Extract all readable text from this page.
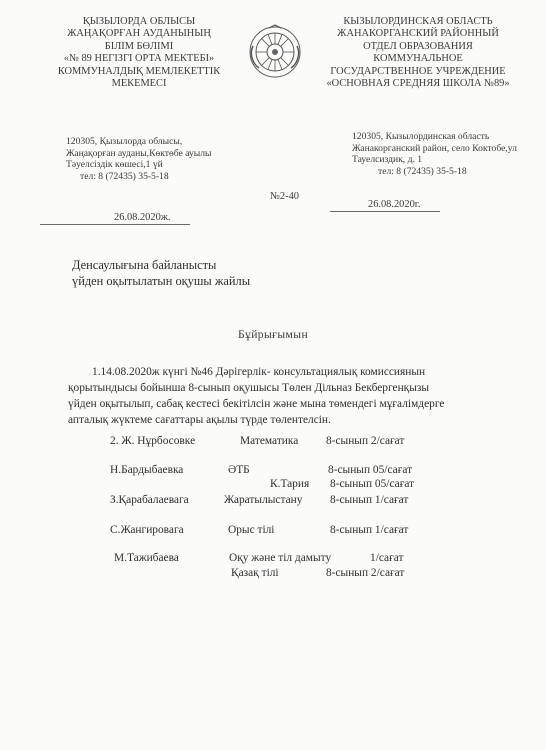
ҚЫЗЫЛОРДА ОБЛЫСЫ
ЖАҢАҚОРҒАН АУДАНЫНЫҢ
БІЛІМ БӨЛІМІ
«№ 89 НЕГІЗГІ ОРТА МЕКТЕБІ»
КОММУНАЛДЫҚ МЕМЛЕКЕТТІК
МЕКЕМЕСІ
КЫЗЫЛОРДИНСКАЯ ОБЛАСТЬ
ЖАНАКОРГАНСКИЙ РАЙОННЫЙ
ОТДЕЛ ОБРАЗОВАНИЯ
КОММУНАЛЬНОЕ
ГОСУДАРСТВЕННОЕ УЧРЕЖДЕНИЕ
«ОСНОВНАЯ СРЕДНЯЯ ШКОЛА №89»
120305, Қызылорда облысы,
Жаңақорған ауданы,Көктөбе ауылы
Тәуелсіздік көшесі,1 үй
тел: 8 (72435) 35-5-18
120305, Кызылординская область
Жанакорганский район, село Коктобе,ул
Тауелсиздик, д. 1
тел: 8 (72435) 35-5-18
26.08.2020ж.
№2-40
26.08.2020г.
Денсаулығына байланысты
үйден оқытылатын оқушы жайлы
Бұйрығымын
1.14.08.2020ж күнгі №46 Дәрігерлік- консультациялық комиссиянын
қорытындысы бойынша 8-сынып оқушысы Төлен Дільназ Бекбергенқызы
үйден оқытылып, сабақ кестесі бекітілсін және мына төмендегі мұғалімдерге
апталық жүктеме сағаттары ақылы түрде төлентелсін.
2. Ж. Нұрбосовке	Математика 8-сынып 2/сағат
Н.Бардыбаевка	ӘТБ	8-сынып 05/сағат
К.Тария 8-сынып 05/сағат
З.Қарабалаевага	Жаратылыстану 8-сынып 1/сағат
С.Жангировага	Орыс тілі	8-сынып 1/сағат
М.Тажибаева	Оқу және тіл дамыту	1/сағат
Қазақ тілі	8-сынып 2/сағат
